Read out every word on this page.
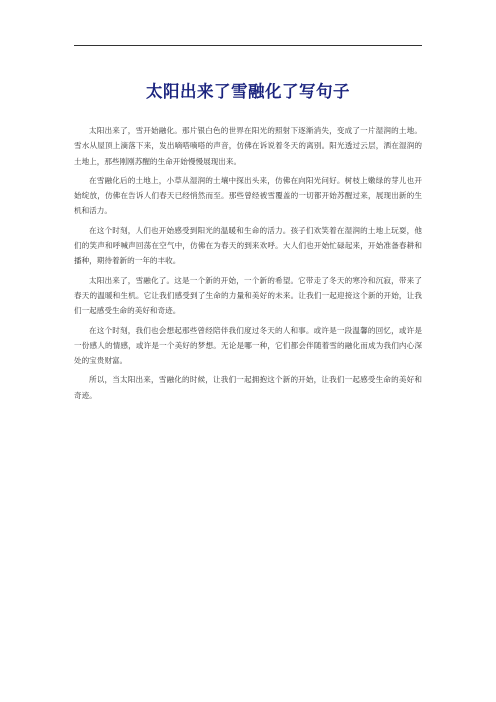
太阳出来了雪融化了写句子

太阳出来了，雪开始融化。那片银白色的世界在阳光的照射下逐渐消失，变成了一片湿润的土地。雪水从屋顶上滴落下来，发出嘀嗒嘀嗒的声音，仿佛在诉说着冬天的离别。阳光透过云层，洒在湿润的土地上，那些刚刚苏醒的生命开始慢慢展现出来。

在雪融化后的土地上，小草从湿润的土壤中探出头来，仿佛在向阳光问好。树枝上嫩绿的芽儿也开始绽放，仿佛在告诉人们春天已经悄然而至。那些曾经被雪覆盖的一切都开始苏醒过来，展现出新的生机和活力。

在这个时刻，人们也开始感受到阳光的温暖和生命的活力。孩子们欢笑着在湿润的土地上玩耍，他们的笑声和呼喊声回荡在空气中，仿佛在为春天的到来欢呼。大人们也开始忙碌起来，开始准备春耕和播种，期待着新的一年的丰收。

太阳出来了，雪融化了。这是一个新的开始，一个新的希望。它带走了冬天的寒冷和沉寂，带来了春天的温暖和生机。它让我们感受到了生命的力量和美好的未来。让我们一起迎接这个新的开始，让我们一起感受生命的美好和奇迹。

在这个时刻，我们也会想起那些曾经陪伴我们度过冬天的人和事。或许是一段温馨的回忆，或许是一份感人的情感，或许是一个美好的梦想。无论是哪一种，它们都会伴随着雪的融化而成为我们内心深处的宝贵财富。

所以，当太阳出来，雪融化的时候，让我们一起拥抱这个新的开始，让我们一起感受生命的美好和奇迹。
